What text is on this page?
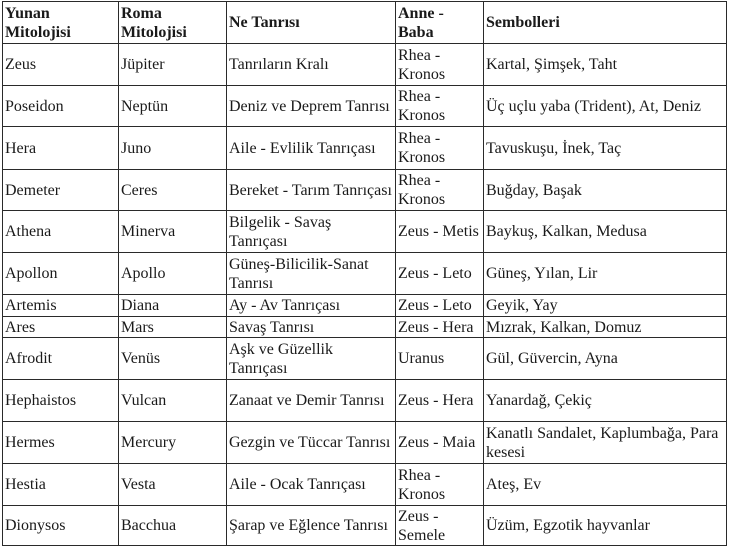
Yunan Mitolojisi	Roma Mitolojisi	Ne Tanrısı	Anne - Baba	Sembolleri
Zeus	Jüpiter	Tanrıların Kralı	Rhea - Kronos	Kartal, Şimşek, Taht
Poseidon	Neptün	Deniz ve Deprem Tanrısı	Rhea - Kronos	Üç uçlu yaba (Trident), At, Deniz
Hera	Juno	Aile - Evlilik Tanrıçası	Rhea - Kronos	Tavuskuşu, İnek, Taç
Demeter	Ceres	Bereket - Tarım Tanrıçası	Rhea - Kronos	Buğday, Başak
Athena	Minerva	Bilgelik - Savaş Tanrıçası	Zeus - Metis	Baykuş, Kalkan, Medusa
Apollon	Apollo	Güneş-Bilicilik-Sanat Tanrısı	Zeus - Leto	Güneş, Yılan, Lir
Artemis	Diana	Ay - Av Tanrıçası	Zeus - Leto	Geyik, Yay
Ares	Mars	Savaş Tanrısı	Zeus - Hera	Mızrak, Kalkan, Domuz
Afrodit	Venüs	Aşk ve Güzellik Tanrıçası	Uranus	Gül, Güvercin, Ayna
Hephaistos	Vulcan	Zanaat ve Demir Tanrısı	Zeus - Hera	Yanardağ, Çekiç
Hermes	Mercury	Gezgin ve Tüccar Tanrısı	Zeus - Maia	Kanatlı Sandalet, Kaplumbağa, Para kesesi
Hestia	Vesta	Aile - Ocak Tanrıçası	Rhea - Kronos	Ateş, Ev
Dionysos	Bacchua	Şarap ve Eğlence Tanrısı	Zeus - Semele	Üzüm, Egzotik hayvanlar
